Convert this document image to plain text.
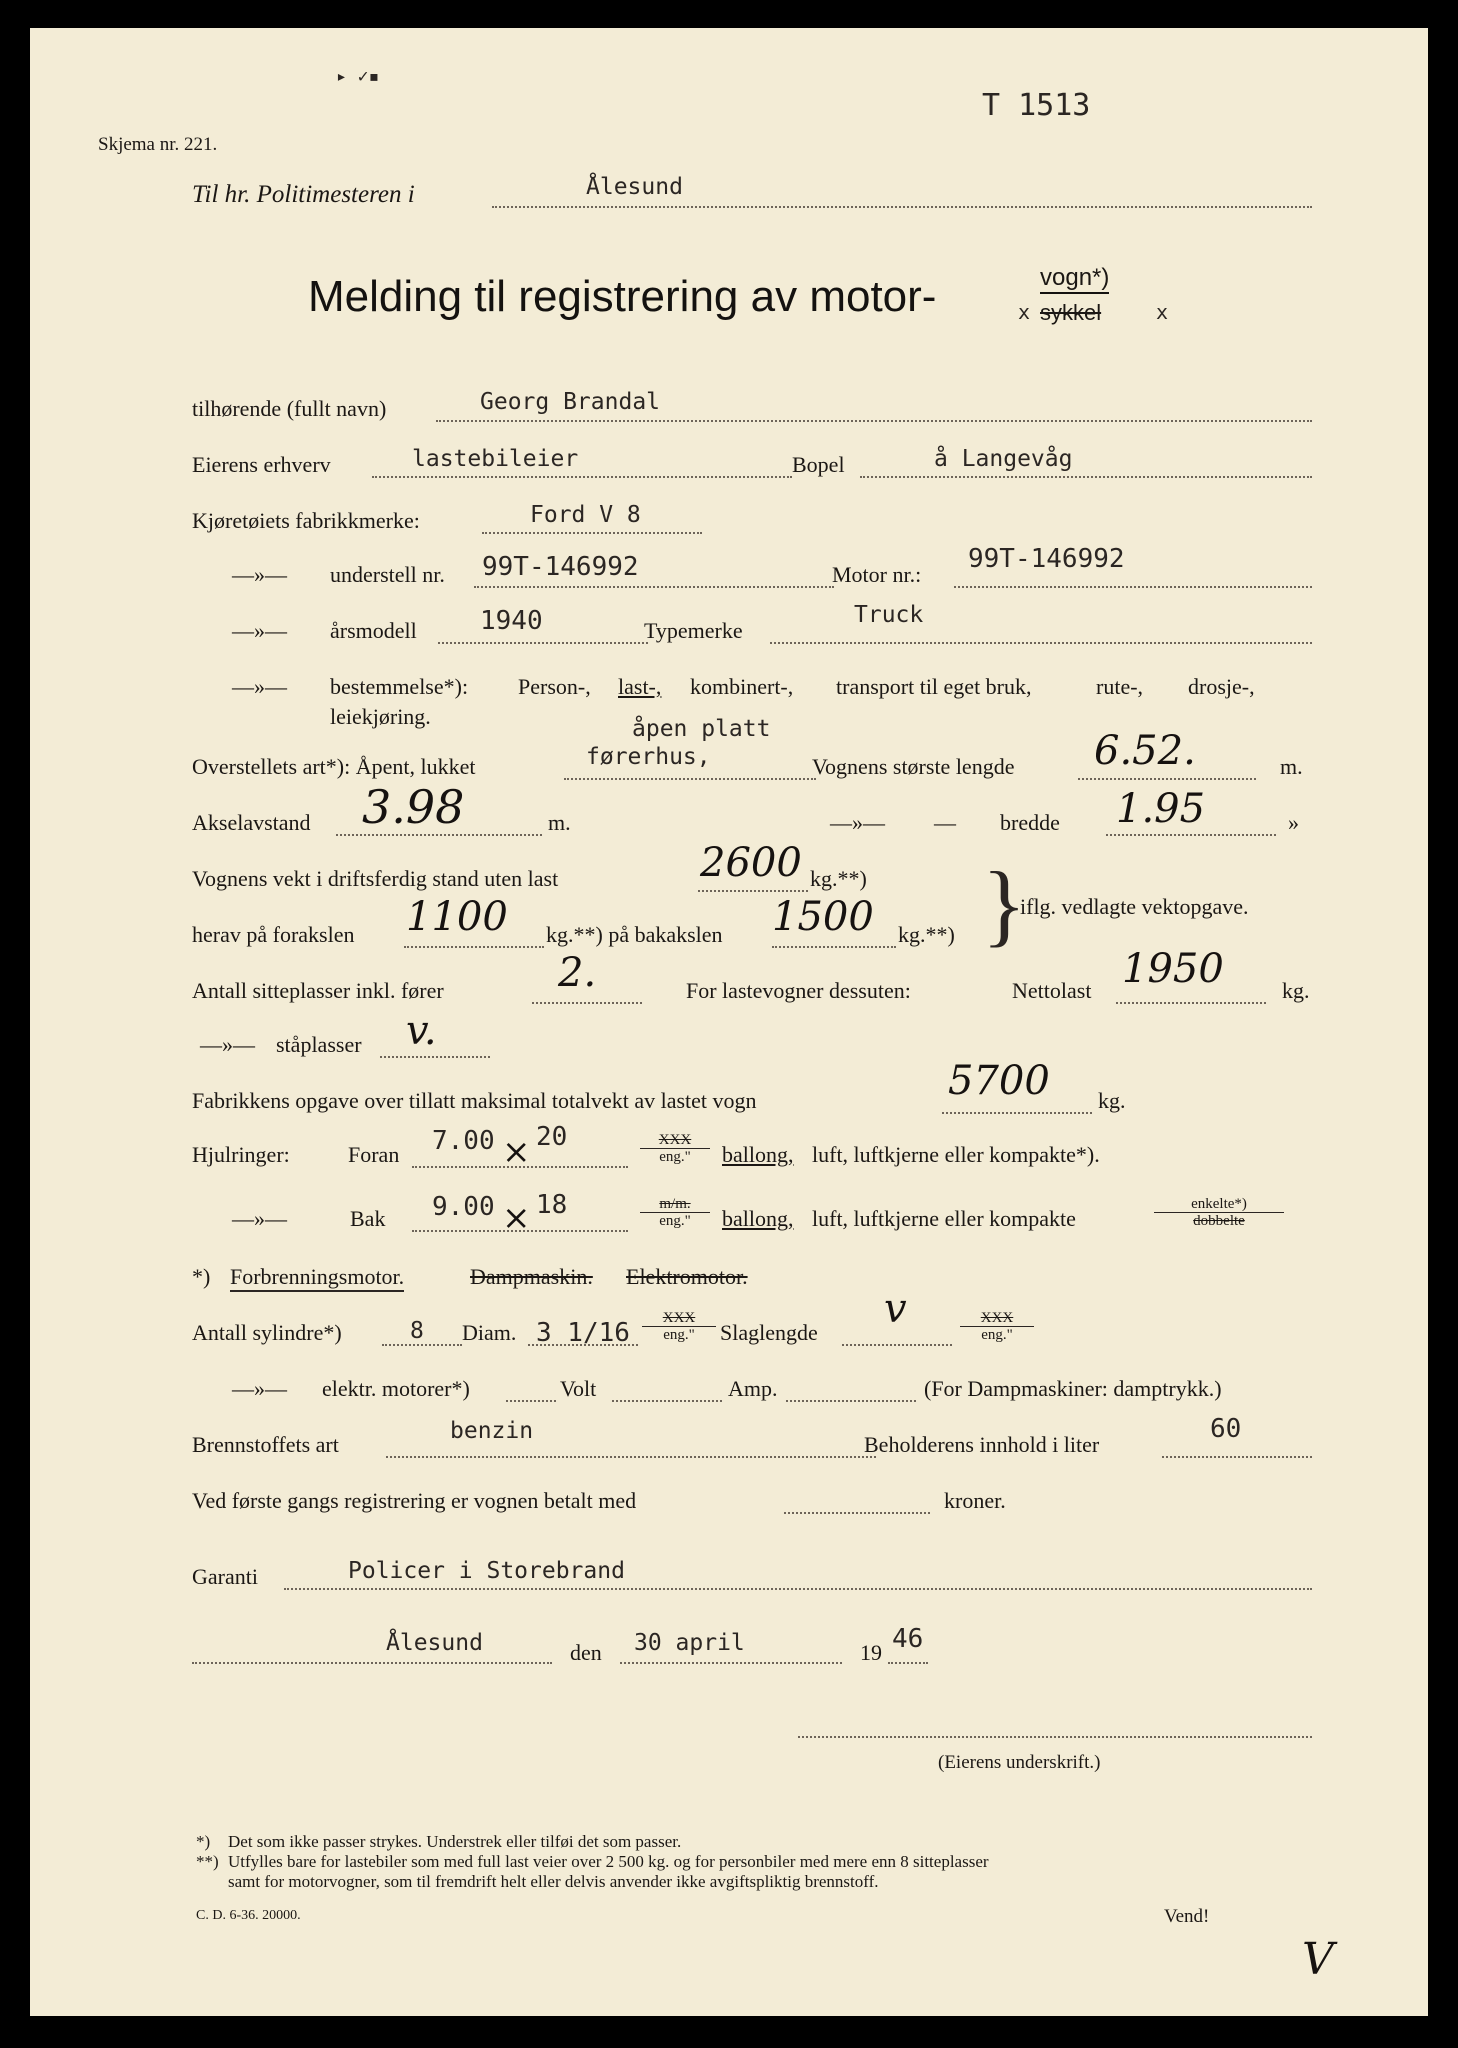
▸ ✓▪
T 1513
Skjema nr. 221.
Til hr. Politimesteren i	Ålesund
Melding til registrering av motor-	vogn*)
sykkel
x	x
tilhørende (fullt navn)	Georg Brandal
Eierens erhverv	lastebileier	Bopel	å Langevåg
Kjøretøiets fabrikkmerke:	Ford V 8
—»— understell nr. 99T-146992	Motor nr.:
99T-146992
—»— årsmodell 1940	Typemerke
Truck
—»— bestemmelse*): Person-, last-, kombinert-, transport til eget bruk,	rute-, drosje-,
leiekjøring.	åpen platt
Overstellets art*): Åpent, lukket	førerhus,	Vognens største lengde 6.52.	m.
Akselavstand 3.98	m.	—»— — bredde 1.95	»
Vognens vekt i driftsferdig stand uten last	2600 kg.**)
herav på forakslen 1100 kg.**) på bakakslen 1500 kg.**) }
iflg. vedlagte vektopgave.
Antall sitteplasser inkl. fører	2.	For lastevogner dessuten:	Nettolast 1950	kg.
—»— ståplasser v.
Fabrikkens opgave over tillatt maksimal totalvekt av lastet vogn	5700 kg.
Hjulringer:	Foran 7.00 × 20	XXX
eng."	ballong, luft, luftkjerne eller kompakte*).
—»—	Bak 9.00 × 18	m/m.
eng."	ballong, luft, luftkjerne eller kompakte
enkelte*)
dobbelte
*) Forbrenningsmotor.	Dampmaskin. Elektromotor.
Antall sylindre*)	8 Diam. 3 1/16	XXX
eng."	Slaglengde
v	XXX
eng."
—»— elektr. motorer*)	Volt	Amp.	(For Dampmaskiner: damptrykk.)
Brennstoffets art
benzin
Beholderens innhold i liter
60
Ved første gangs registrering er vognen betalt med	kroner.
Garanti	Policer i Storebrand
Ålesund	den 30 april	19 46
(Eierens underskrift.)
*) Det som ikke passer strykes. Understrek eller tilføi det som passer.
**) Utfylles bare for lastebiler som med full last veier over 2 500 kg. og for personbiler med mere enn 8 sitteplasser
samt for motorvogner, som til fremdrift helt eller delvis anvender ikke avgiftspliktig brennstoff.
C. D. 6-36. 20000.	Vend!
V
